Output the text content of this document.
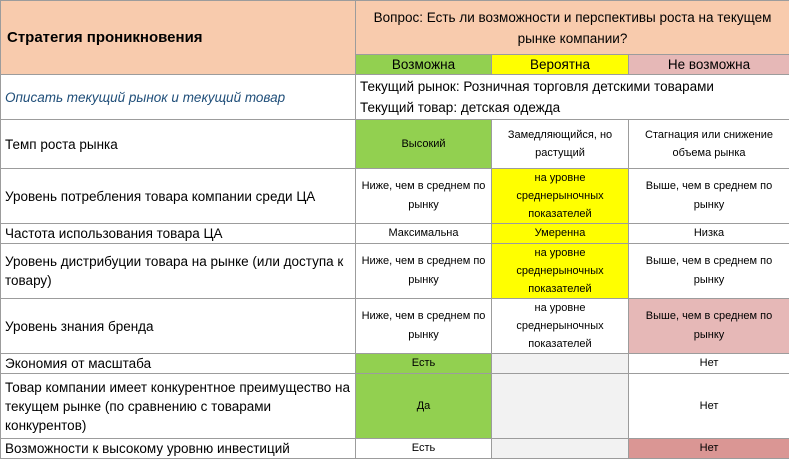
Стратегия проникновения	Вопрос: Есть ли возможности и перспективы роста на текущем рынке компании?		
	Возможна	Вероятна	Не возможна
Описать текущий рынок и текущий товар	Текущий рынок: Розничная торговля детскими товарами
Текущий товар: детская одежда		

Темп роста рынка	Высокий	Замедляющийся, но растущий	Стагнация или снижение объема рынка
Уровень потребления товара компании среди ЦА	Ниже, чем в среднем по рынку	на уровне среднерыночных показателей	Выше, чем в среднем по рынку
Частота использования товара ЦА	Максимальна	Умеренна	Низка
Уровень дистрибуции товара на рынке (или доступа к товару)	Ниже, чем в среднем по рынку	на уровне среднерыночных показателей	Выше, чем в среднем по рынку
Уровень знания бренда	Ниже, чем в среднем по рынку	на уровне среднерыночных показателей	Выше, чем в среднем по рынку
Экономия от масштаба	Есть		Нет
Товар компании имеет конкурентное преимущество на текущем рынке (по сравнению с товарами конкурентов)	Да		Нет
Возможности к высокому уровню инвестиций	Есть		Нет
